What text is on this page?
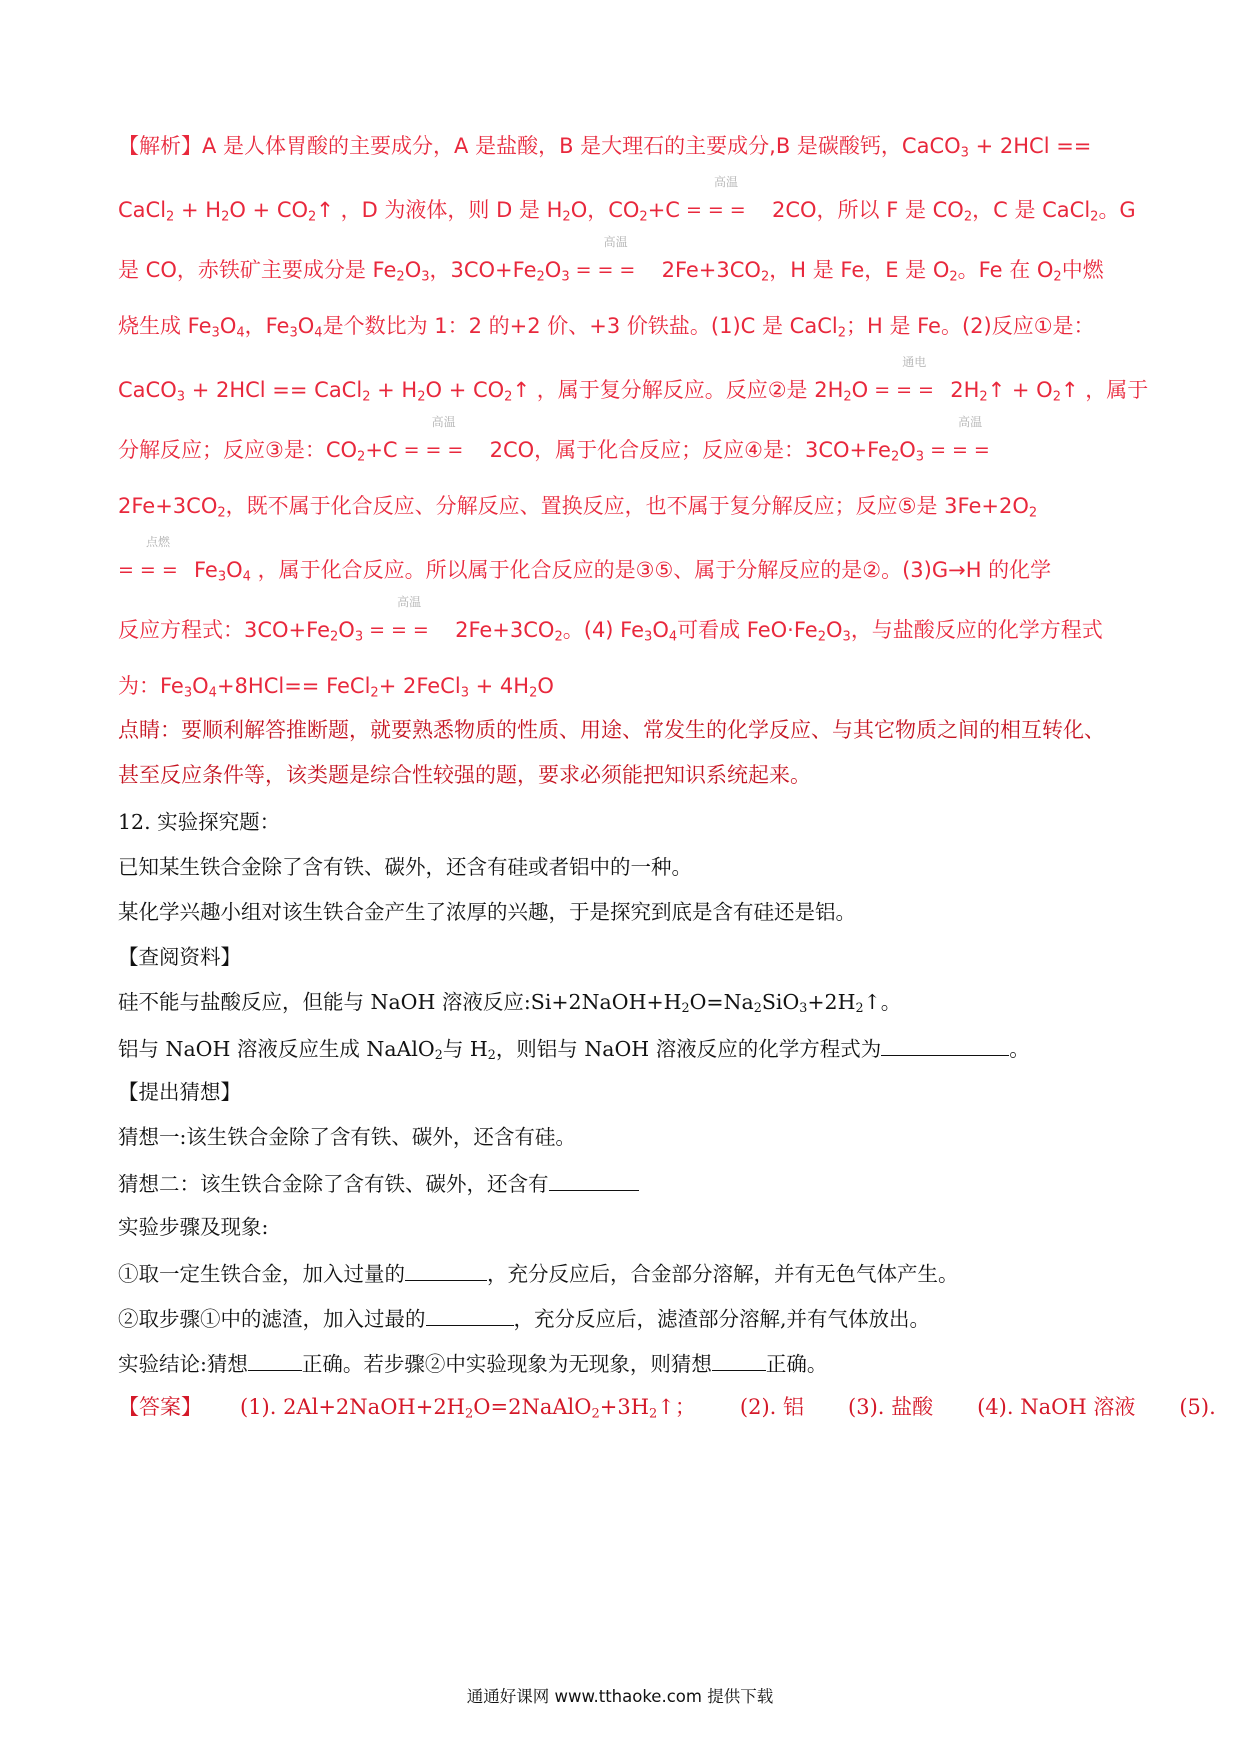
【解析】A 是人体胃酸的主要成分，A 是盐酸，B 是大理石的主要成分,B 是碳酸钙，CaCO$_3$ + 2HCl ==
CaCl$_2$ + $H_2O$ + $CO_2↑$ ，D 为液体，则 D 是 $H_2O$，$CO_2+C$
高温
=== 2CO，所以 F 是 $CO_2$，C 是 CaCl$_2$。G
是 CO，赤铁矿主要成分是 $Fe_2O_3$，$3CO+Fe_2O_3$
高温
=== $2Fe+3CO_2$，H 是 Fe，E 是 $O_2$。Fe 在 $O_2$中燃
烧生成 $Fe_3O_4$，$Fe_3O_4$是个数比为 1：2 的+2 价、+3 价铁盐。(1)C 是 CaCl$_2$；H 是 Fe。(2)反应①是：
CaCO$_3$ + 2HCl == CaCl$_2$ + $H_2O$ + $CO_2↑$ ，属于复分解反应。反应②是 $2H_2O$
通电
=== $2H_2↑$ + $O_2↑$ ，属于
分解反应；反应③是：$CO_2+C$
高温
=== 2CO，属于化合反应；反应④是：$3CO+Fe_2O_3$
高温
===
$2Fe+3CO_2$，既不属于化合反应、分解反应、置换反应，也不属于复分解反应；反应⑤是 $3Fe+2O_2$
点燃
=== $Fe_3O_4$ ，属于化合反应。所以属于化合反应的是③⑤、属于分解反应的是②。(3)G→H 的化学
反应方程式：$3CO+Fe_2O_3$
高温
=== $2Fe+3CO_2$。(4) $Fe_3O_4$可看成 $FeO\cdot Fe_2O_3$，与盐酸反应的化学方程式
为：$Fe_3O_4+8HCl==$ FeCl$_2$+ 2FeCl$_3$ + $4H_2O$
点睛：要顺利解答推断题，就要熟悉物质的性质、用途、常发生的化学反应、与其它物质之间的相互转化、
甚至反应条件等，该类题是综合性较强的题，要求必须能把知识系统起来。
12. 实验探究题：
已知某生铁合金除了含有铁、碳外，还含有硅或者铝中的一种。
某化学兴趣小组对该生铁合金产生了浓厚的兴趣，于是探究到底是含有硅还是铝。
【查阅资料】
硅不能与盐酸反应，但能与 NaOH 溶液反应$:Si+2NaOH+H_2O=Na_2SiO_3+2H_2↑$。
铝与 NaOH 溶液反应生成 NaAlO$_2$与 $H_2$，则铝与 NaOH 溶液反应的化学方程式为	。
【提出猜想】
猜想一:该生铁合金除了含有铁、碳外，还含有硅。
猜想二：该生铁合金除了含有铁、碳外，还含有
实验步骤及现象:
①取一定生铁合金，加入过量的	，充分反应后，合金部分溶解，并有无色气体产生。
②取步骤①中的滤渣，加入过最的	，充分反应后，滤渣部分溶解,并有气体放出。
实验结论:猜想	正确。若步骤②中实验现象为无现象，则猜想	正确。
【答案】 (1). $2Al+2NaOH+2H_2O=2NaAlO_2+3H_2↑$； (2). 铝 (3). 盐酸 (4). NaOH 溶液 (5).
通通好课网 www.tthaoke.com 提供下载
